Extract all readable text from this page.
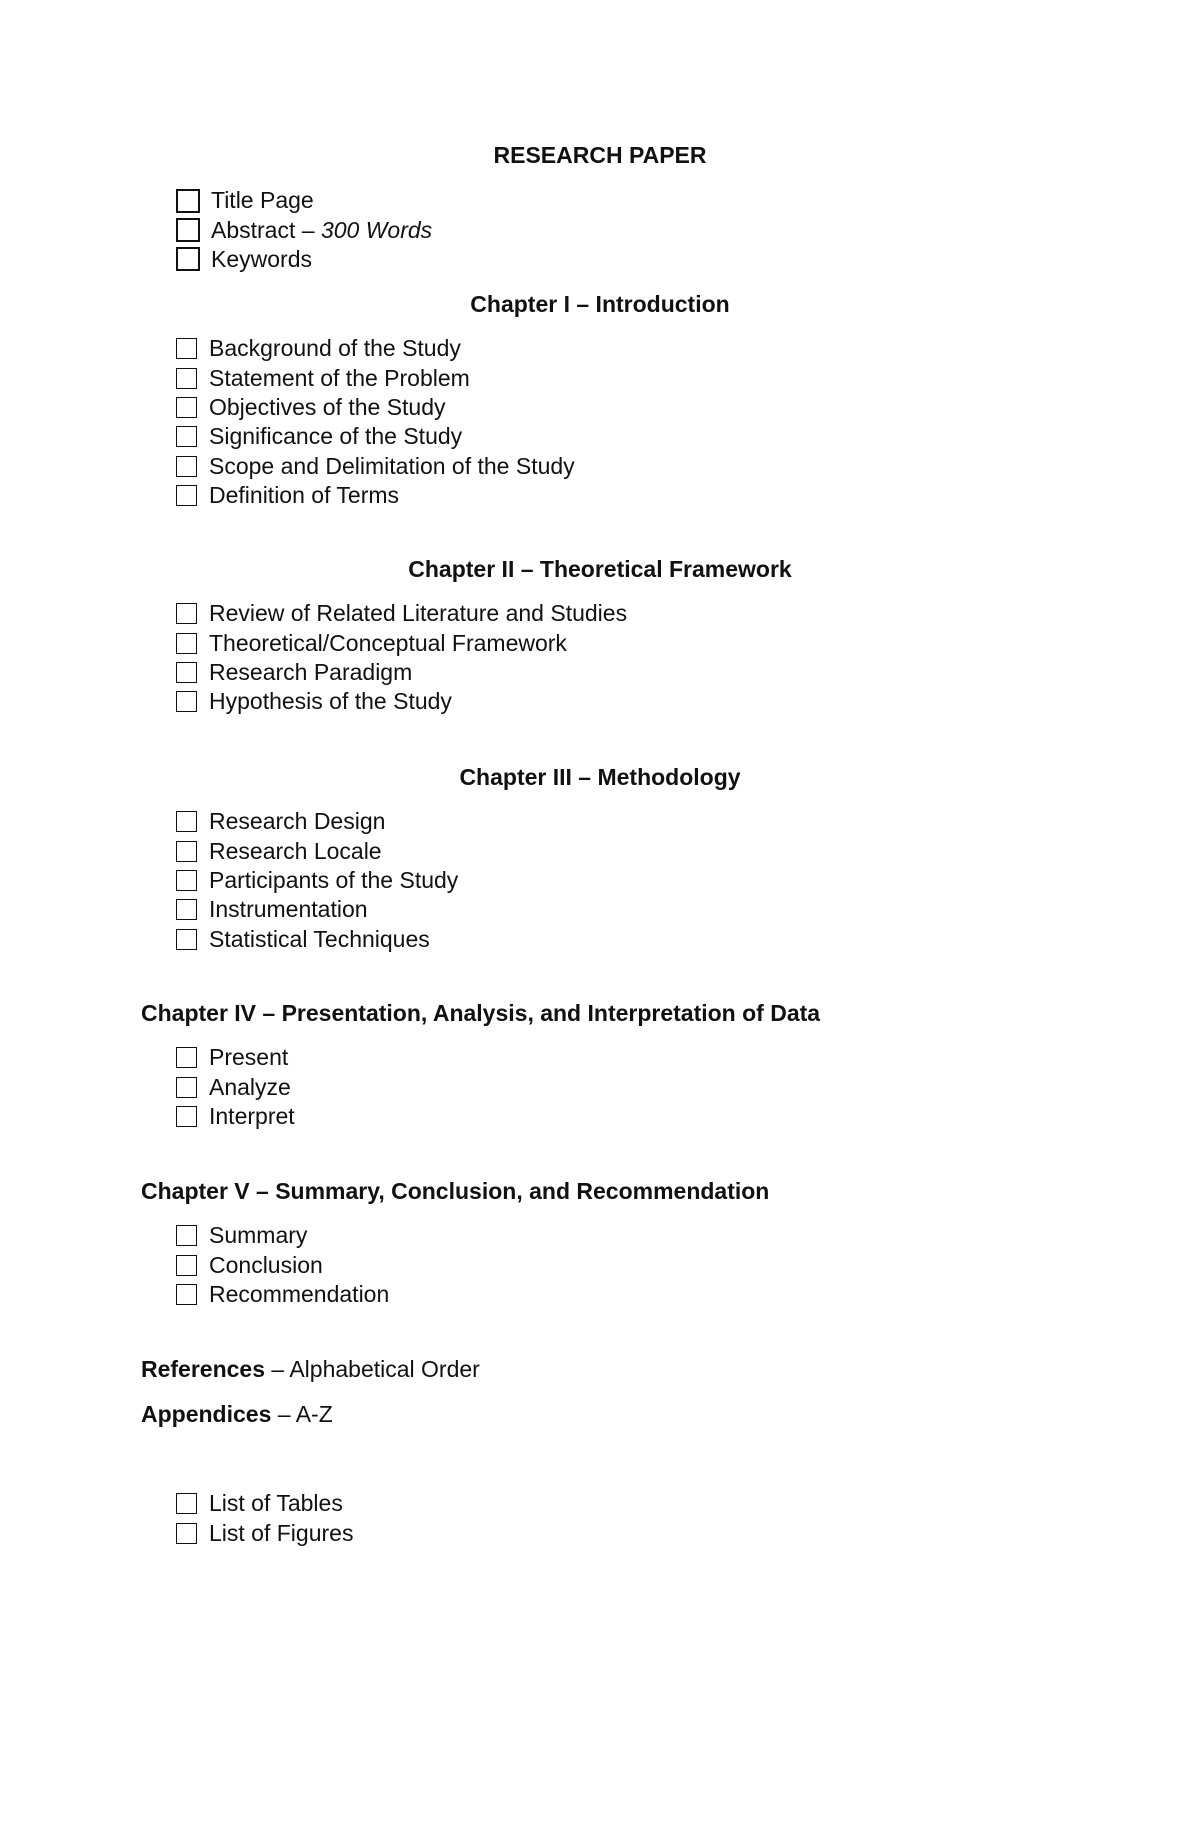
RESEARCH PAPER
Title Page
Abstract – 300 Words
Keywords
Chapter I – Introduction
Background of the Study
Statement of the Problem
Objectives of the Study
Significance of the Study
Scope and Delimitation of the Study
Definition of Terms
Chapter II – Theoretical Framework
Review of Related Literature and Studies
Theoretical/Conceptual Framework
Research Paradigm
Hypothesis of the Study
Chapter III – Methodology
Research Design
Research Locale
Participants of the Study
Instrumentation
Statistical Techniques
Chapter IV – Presentation, Analysis, and Interpretation of Data
Present
Analyze
Interpret
Chapter V – Summary, Conclusion, and Recommendation
Summary
Conclusion
Recommendation
References – Alphabetical Order
Appendices – A-Z
List of Tables
List of Figures
